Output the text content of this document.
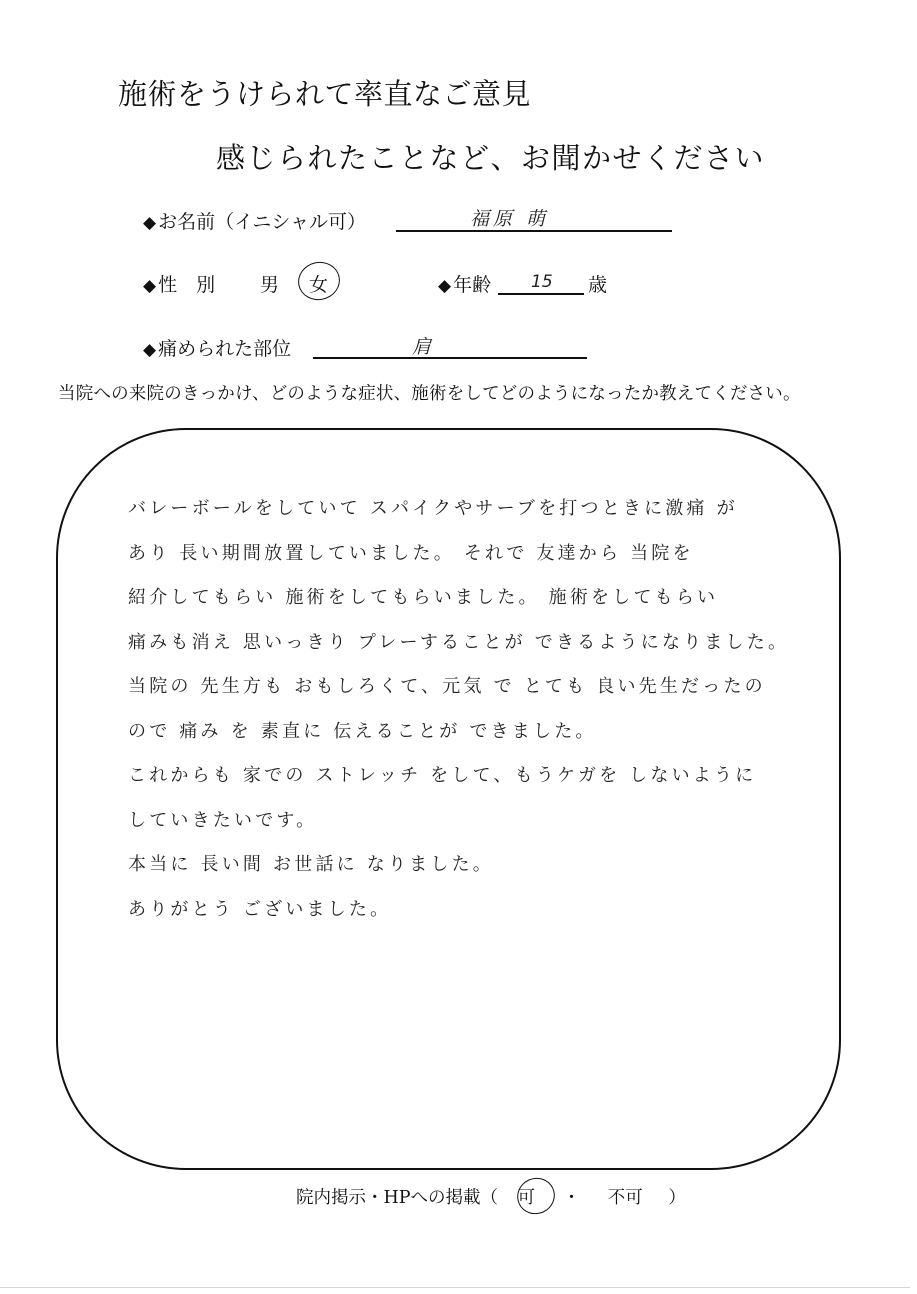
施術をうけられて率直なご意見
感じられたことなど、お聞かせください
◆ お名前（イニシャル可）	福原 萌
◆ 性　別 男 女	◆ 年齢 15 歳
◆ 痛められた部位	肩
当院への来院のきっかけ、どのような症状、施術をしてどのようになったか教えてください。
バレーボールをしていて スパイクやサーブを打つときに激痛 が
あり 長い期間放置していました。 それで 友達から 当院を
紹介してもらい 施術をしてもらいました。 施術をしてもらい
痛みも消え 思いっきり プレーすることが できるようになりました。
当院の 先生方も おもしろくて、元気 で とても 良い先生だったの
ので 痛み を 素直に 伝えることが できました。
これからも 家での ストレッチ をして、もうケガを しないように
していきたいです。
本当に 長い間 お世話に なりました。
ありがとう ございました。
院内掲示・HPへの掲載（ 可 ・ 不可 ）
